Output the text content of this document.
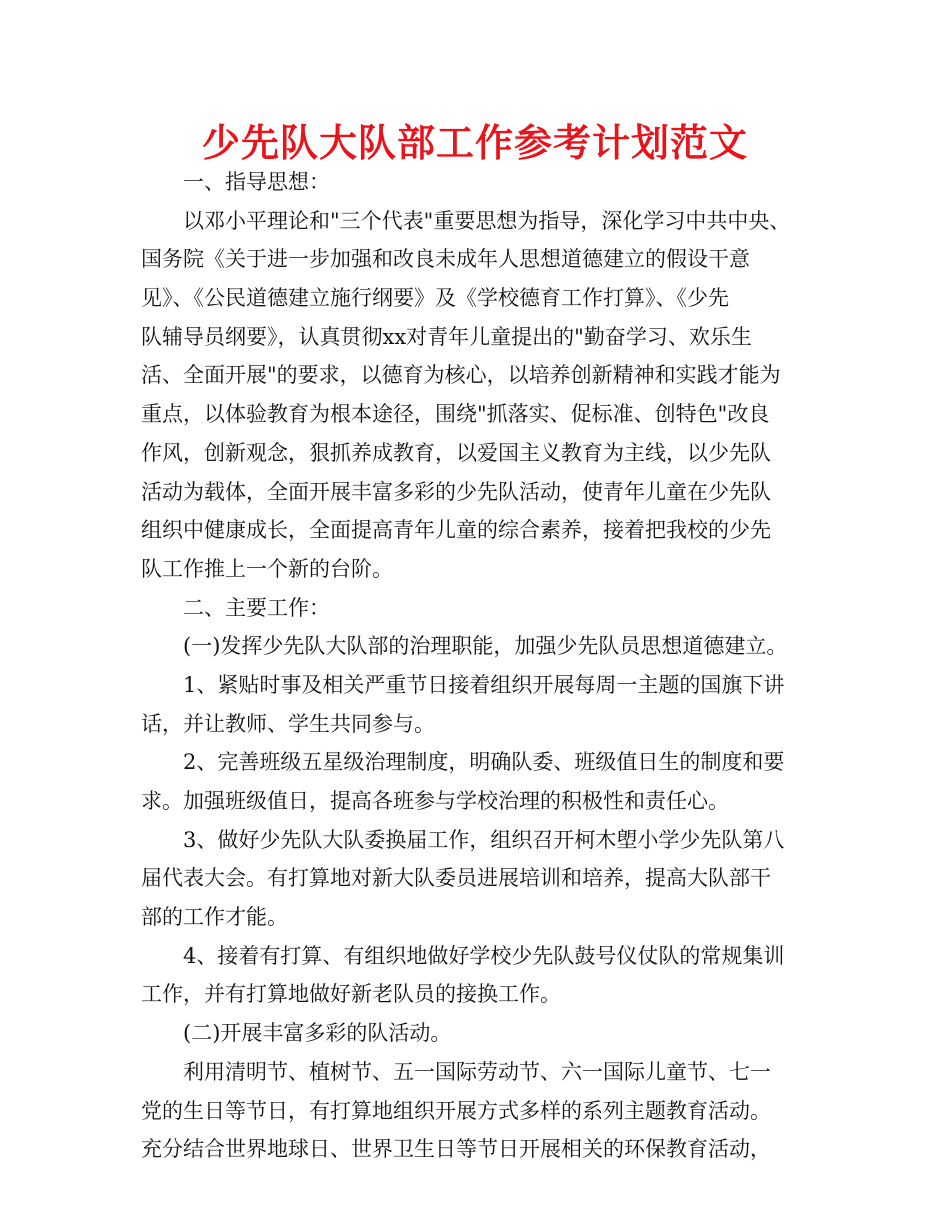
少先队大队部工作参考计划范文
一、指导思想：
以邓小平理论和"三个代表"重要思想为指导，深化学习中共中央、
国务院《关于进一步加强和改良未成年人思想道德建立的假设干意
见》、《公民道德建立施行纲要》及《学校德育工作打算》、《少先
队辅导员纲要》，认真贯彻xx对青年儿童提出的"勤奋学习、欢乐生
活、全面开展"的要求，以德育为核心，以培养创新精神和实践才能为
重点，以体验教育为根本途径，围绕"抓落实、促标准、创特色"改良
作风，创新观念，狠抓养成教育，以爱国主义教育为主线，以少先队
活动为载体，全面开展丰富多彩的少先队活动，使青年儿童在少先队
组织中健康成长，全面提高青年儿童的综合素养，接着把我校的少先
队工作推上一个新的台阶。
二、主要工作：
(一)发挥少先队大队部的治理职能，加强少先队员思想道德建立。
1、紧贴时事及相关严重节日接着组织开展每周一主题的国旗下讲
话，并让教师、学生共同参与。
2、完善班级五星级治理制度，明确队委、班级值日生的制度和要
求。加强班级值日，提高各班参与学校治理的积极性和责任心。
3、做好少先队大队委换届工作，组织召开柯木塱小学少先队第八
届代表大会。有打算地对新大队委员进展培训和培养，提高大队部干
部的工作才能。
4、接着有打算、有组织地做好学校少先队鼓号仪仗队的常规集训
工作，并有打算地做好新老队员的接换工作。
(二)开展丰富多彩的队活动。
利用清明节、植树节、五一国际劳动节、六一国际儿童节、七一
党的生日等节日，有打算地组织开展方式多样的系列主题教育活动。
充分结合世界地球日、世界卫生日等节日开展相关的环保教育活动，
